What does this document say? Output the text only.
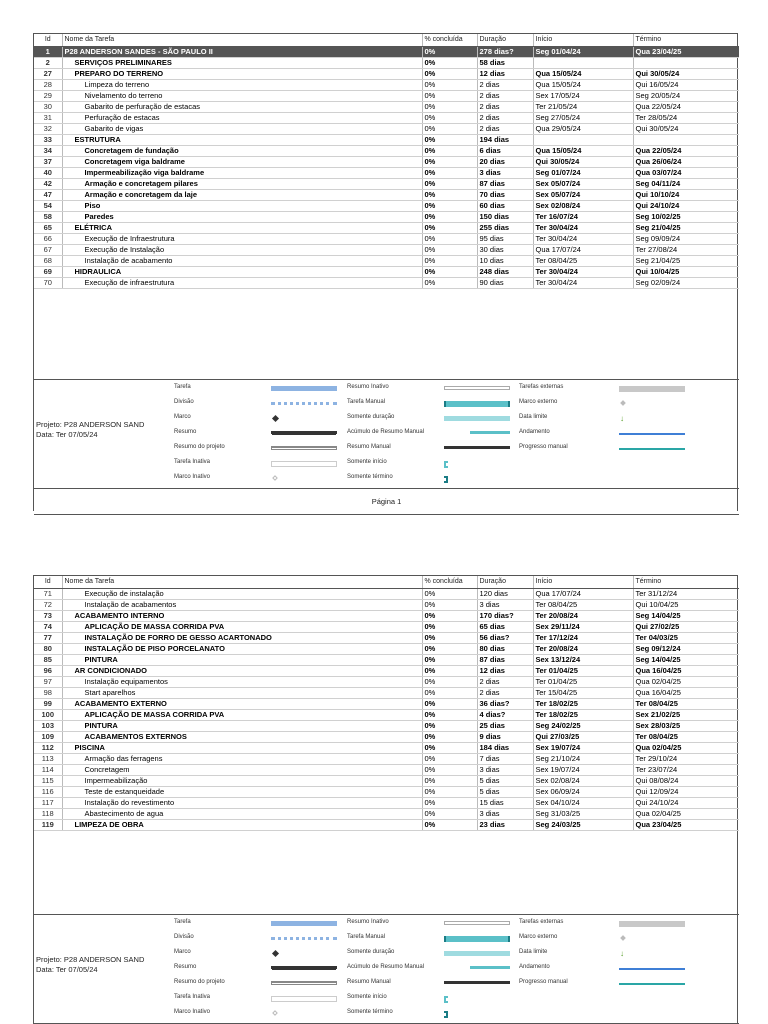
Id	Nome da Tarefa	% concluída	Duração	Início	Término
1	P28 ANDERSON SANDES - SÃO PAULO II	0%	278 dias?	Seg 01/04/24	Qua 23/04/25
2	SERVIÇOS PRELIMINARES	0%	58 dias		
27	PREPARO DO TERRENO	0%	12 dias	Qua 15/05/24	Qui 30/05/24
28	Limpeza do terreno	0%	2 dias	Qua 15/05/24	Qui 16/05/24
29	Nivelamento do terreno	0%	2 dias	Sex 17/05/24	Seg 20/05/24
30	Gabarito de perfuração de estacas	0%	2 dias	Ter 21/05/24	Qua 22/05/24
31	Perfuração de estacas	0%	2 dias	Seg 27/05/24	Ter 28/05/24
32	Gabarito de vigas	0%	2 dias	Qua 29/05/24	Qui 30/05/24
33	ESTRUTURA	0%	194 dias		
34	Concretagem de fundação	0%	6 dias	Qua 15/05/24	Qua 22/05/24
37	Concretagem viga baldrame	0%	20 dias	Qui 30/05/24	Qua 26/06/24
40	Impermeabilização viga baldrame	0%	3 dias	Seg 01/07/24	Qua 03/07/24
42	Armação e concretagem pilares	0%	87 dias	Sex 05/07/24	Seg 04/11/24
47	Armação e concretagem da laje	0%	70 dias	Sex 05/07/24	Qui 10/10/24
54	Piso	0%	60 dias	Sex 02/08/24	Qui 24/10/24
58	Paredes	0%	150 dias	Ter 16/07/24	Seg 10/02/25
65	ELÉTRICA	0%	255 dias	Ter 30/04/24	Seg 21/04/25
66	Execução de Infraestrutura	0%	95 dias	Ter 30/04/24	Seg 09/09/24
67	Execução de Instalação	0%	30 dias	Qua 17/07/24	Ter 27/08/24
68	Instalação de acabamento	0%	10 dias	Ter 08/04/25	Seg 21/04/25
69	HIDRAULICA	0%	248 dias	Ter 30/04/24	Qui 10/04/25
70	Execução de infraestrutura	0%	90 dias	Ter 30/04/24	Seg 02/09/24
Projeto: P28 ANDERSON SAND
Data: Ter 07/05/24
Tarefa
Divisão
Marco
Resumo
Resumo do projeto
Tarefa Inativa
Marco Inativo
Resumo Inativo
Tarefa Manual
Somente duração
Acúmulo de Resumo Manual
Resumo Manual
Somente início
Somente término
Tarefas externas
Marco externo
Data limite	↓
Andamento
Progresso manual
Página 1
Id	Nome da Tarefa	% concluída	Duração	Início	Término
71	Execução de instalação	0%	120 dias	Qua 17/07/24	Ter 31/12/24
72	Instalação de acabamentos	0%	3 dias	Ter 08/04/25	Qui 10/04/25
73	ACABAMENTO INTERNO	0%	170 dias?	Ter 20/08/24	Seg 14/04/25
74	APLICAÇÃO DE MASSA CORRIDA PVA	0%	65 dias	Sex 29/11/24	Qui 27/02/25
77	INSTALAÇÃO DE FORRO DE GESSO ACARTONADO	0%	56 dias?	Ter 17/12/24	Ter 04/03/25
80	INSTALAÇÃO DE PISO PORCELANATO	0%	80 dias	Ter 20/08/24	Seg 09/12/24
85	PINTURA	0%	87 dias	Sex 13/12/24	Seg 14/04/25
96	AR CONDICIONADO	0%	12 dias	Ter 01/04/25	Qua 16/04/25
97	Instalação equipamentos	0%	2 dias	Ter 01/04/25	Qua 02/04/25
98	Start aparelhos	0%	2 dias	Ter 15/04/25	Qua 16/04/25
99	ACABAMENTO EXTERNO	0%	36 dias?	Ter 18/02/25	Ter 08/04/25
100	APLICAÇÃO DE MASSA CORRIDA PVA	0%	4 dias?	Ter 18/02/25	Sex 21/02/25
103	PINTURA	0%	25 dias	Seg 24/02/25	Sex 28/03/25
109	ACABAMENTOS EXTERNOS	0%	9 dias	Qui 27/03/25	Ter 08/04/25
112	PISCINA	0%	184 dias	Sex 19/07/24	Qua 02/04/25
113	Armação das ferragens	0%	7 dias	Seg 21/10/24	Ter 29/10/24
114	Concretagem	0%	3 dias	Sex 19/07/24	Ter 23/07/24
115	Impermeabilização	0%	5 dias	Sex 02/08/24	Qui 08/08/24
116	Teste de estanqueidade	0%	5 dias	Sex 06/09/24	Qui 12/09/24
117	Instalação do revestimento	0%	15 dias	Sex 04/10/24	Qui 24/10/24
118	Abastecimento de agua	0%	3 dias	Seg 31/03/25	Qua 02/04/25
119	LIMPEZA DE OBRA	0%	23 dias	Seg 24/03/25	Qua 23/04/25
Projeto: P28 ANDERSON SAND
Data: Ter 07/05/24
Tarefa
Divisão
Marco
Resumo
Resumo do projeto
Tarefa Inativa
Marco Inativo
Resumo Inativo
Tarefa Manual
Somente duração
Acúmulo de Resumo Manual
Resumo Manual
Somente início
Somente término
Tarefas externas
Marco externo
Data limite	↓
Andamento
Progresso manual
